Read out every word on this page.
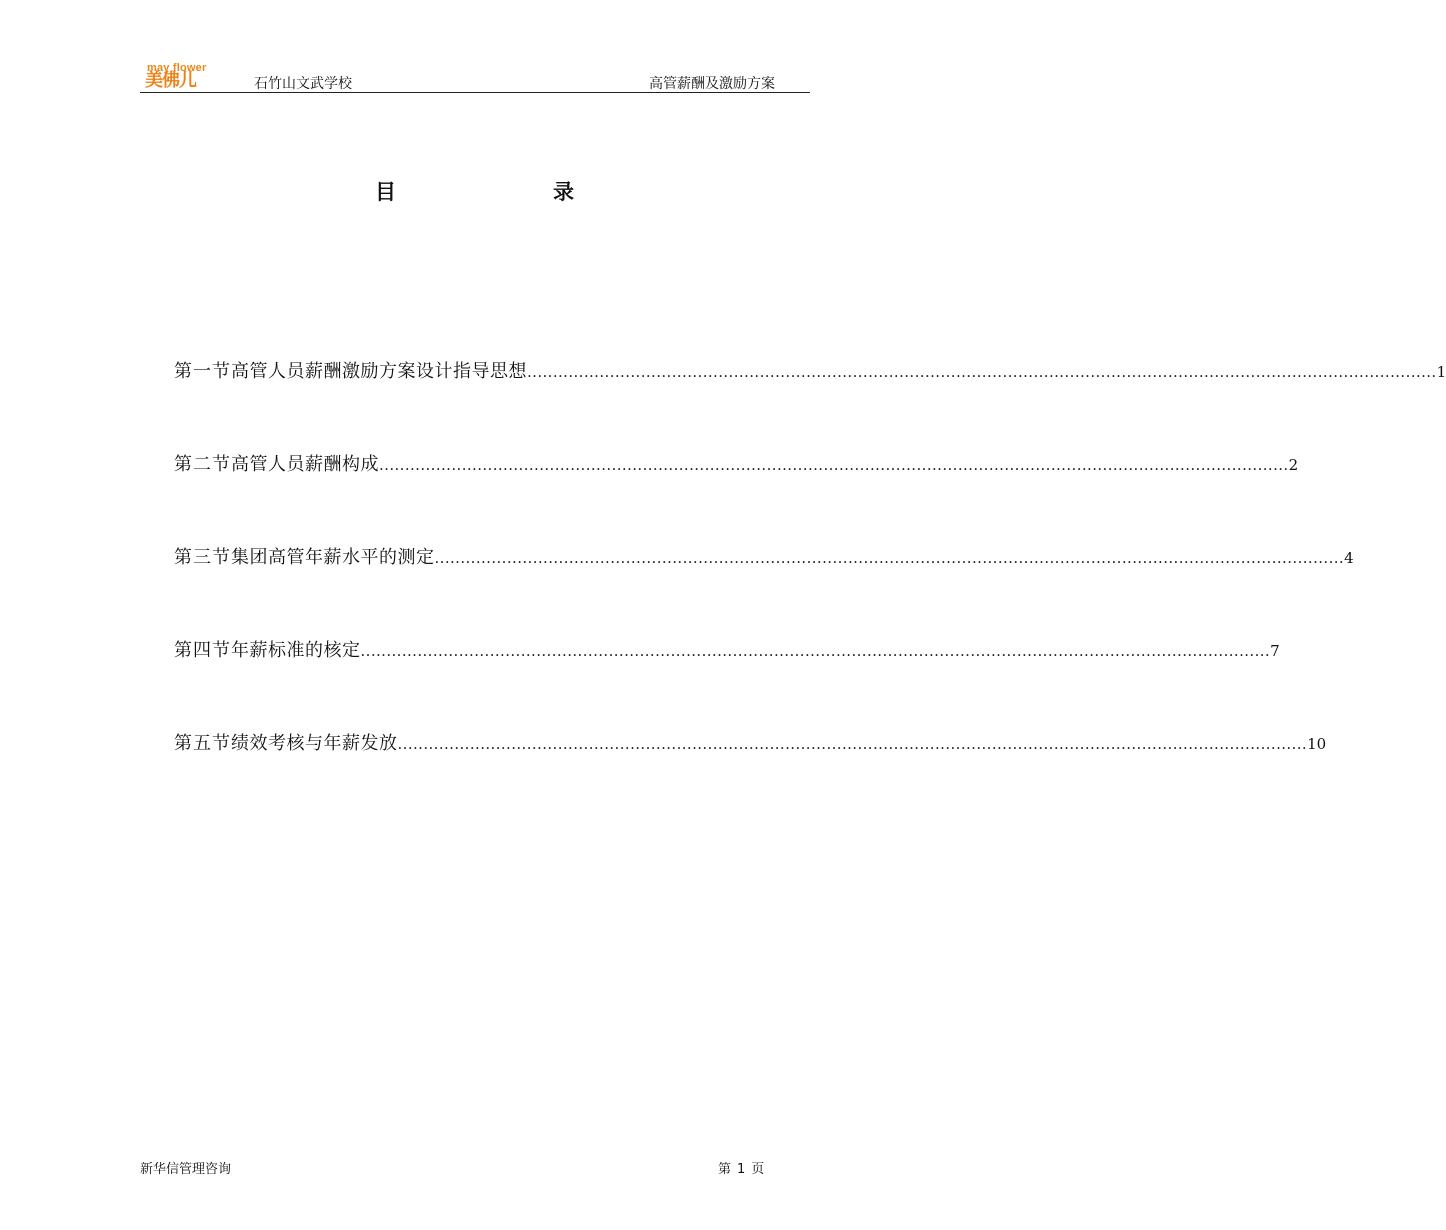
may flower
美佛儿	石竹山文武学校	高管薪酬及激励方案
目	录
第一节 高管人员薪酬激励方案设计指导思想 ................................................................................................................................................................................ 1
第二节 高管人员薪酬构成 ................................................................................................................................................................................ 2
第三节 集团高管年薪水平的测定 ................................................................................................................................................................................ 4
第四节 年薪标准的核定 ................................................................................................................................................................................ 7
第五节 绩效考核与年薪发放 ................................................................................................................................................................................ 10
新华信管理咨询	第 1 页
